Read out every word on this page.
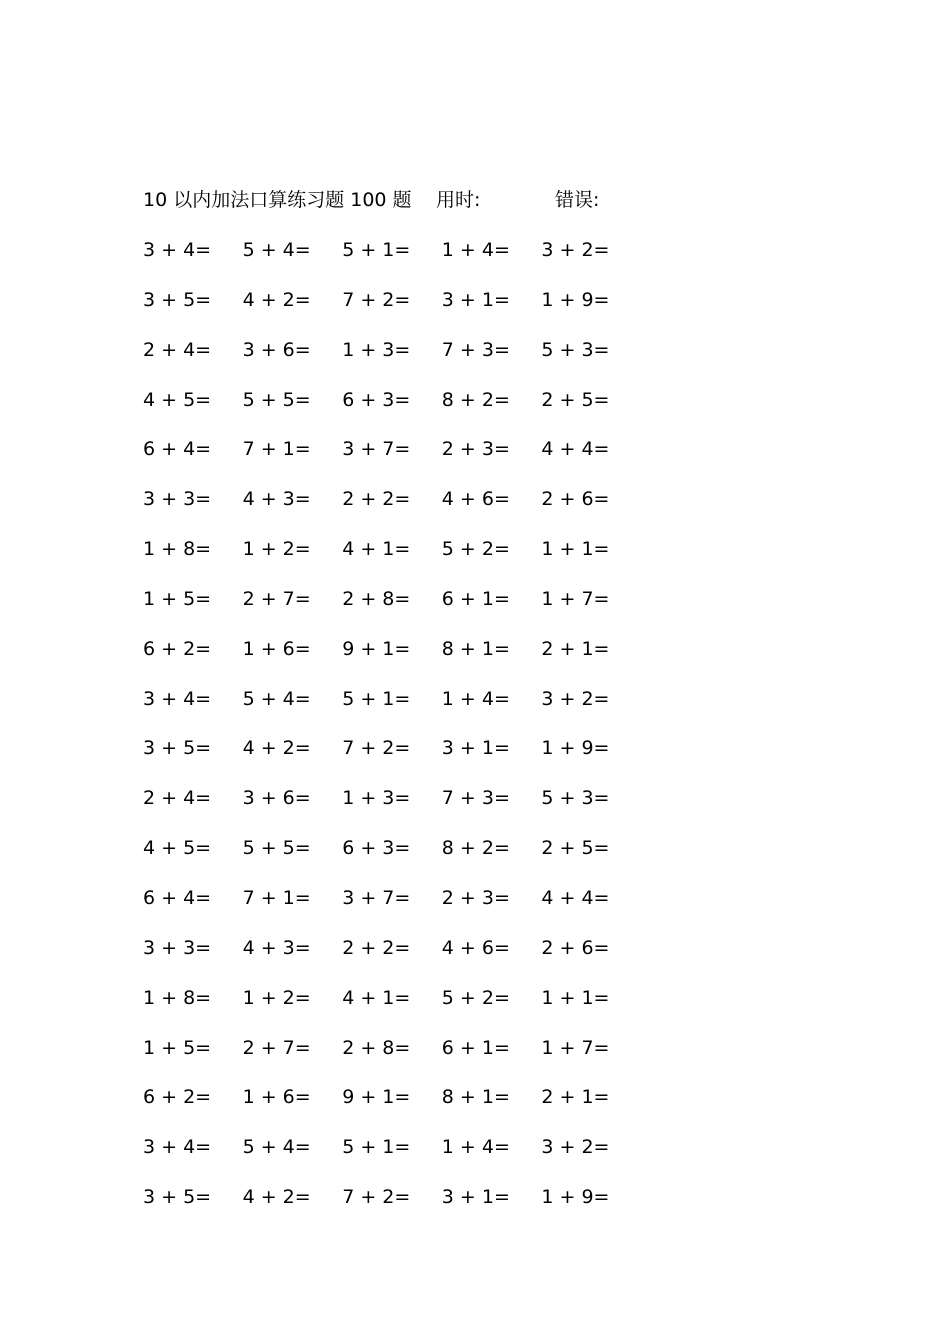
10 以内加法口算练习题 100 题 用时:	错误:
3 + 4=	5 + 4=	5 + 1=	1 + 4=	3 + 2=
3 + 5=	4 + 2=	7 + 2=	3 + 1=	1 + 9=
2 + 4=	3 + 6=	1 + 3=	7 + 3=	5 + 3=
4 + 5=	5 + 5=	6 + 3=	8 + 2=	2 + 5=
6 + 4=	7 + 1=	3 + 7=	2 + 3=	4 + 4=
3 + 3=	4 + 3=	2 + 2=	4 + 6=	2 + 6=
1 + 8=	1 + 2=	4 + 1=	5 + 2=	1 + 1=
1 + 5=	2 + 7=	2 + 8=	6 + 1=	1 + 7=
6 + 2=	1 + 6=	9 + 1=	8 + 1=	2 + 1=
3 + 4=	5 + 4=	5 + 1=	1 + 4=	3 + 2=
3 + 5=	4 + 2=	7 + 2=	3 + 1=	1 + 9=
2 + 4=	3 + 6=	1 + 3=	7 + 3=	5 + 3=
4 + 5=	5 + 5=	6 + 3=	8 + 2=	2 + 5=
6 + 4=	7 + 1=	3 + 7=	2 + 3=	4 + 4=
3 + 3=	4 + 3=	2 + 2=	4 + 6=	2 + 6=
1 + 8=	1 + 2=	4 + 1=	5 + 2=	1 + 1=
1 + 5=	2 + 7=	2 + 8=	6 + 1=	1 + 7=
6 + 2=	1 + 6=	9 + 1=	8 + 1=	2 + 1=
3 + 4=	5 + 4=	5 + 1=	1 + 4=	3 + 2=
3 + 5=	4 + 2=	7 + 2=	3 + 1=	1 + 9=
